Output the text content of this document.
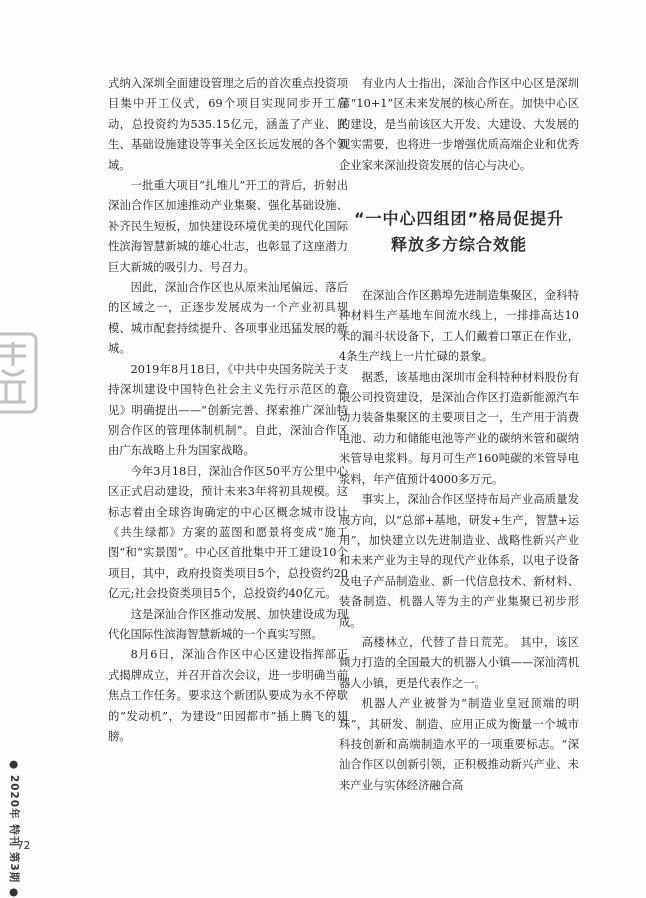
式纳入深圳全面建设管理之后的首次重点投资项目集中开工仪式，69个项目实现同步开工启动，总投资约为535.15亿元，涵盖了产业、民生、基础设施建设等事关全区长远发展的各个领域。

一批重大项目“扎堆儿”开工的背后，折射出深汕合作区加速推动产业集聚、强化基础设施、补齐民生短板，加快建设环境优美的现代化国际性滨海智慧新城的雄心壮志，也彰显了这座潜力巨大新城的吸引力、号召力。

因此，深汕合作区也从原来汕尾偏远、落后的区域之一，正逐步发展成为一个产业初具规模、城市配套持续提升、各项事业迅猛发展的新城。

2019年8月18日，《中共中央国务院关于支持深圳建设中国特色社会主义先行示范区的意见》明确提出——“创新完善、探索推广深汕特别合作区的管理体制机制”。自此，深汕合作区由广东战略上升为国家战略。

今年3月18日，深汕合作区50平方公里中心区正式启动建设，预计未来3年将初具规模。这标志着由全球咨询确定的中心区概念城市设计《共生绿都》方案的蓝图和愿景将变成“施工图”和“实景图”。中心区首批集中开工建设10个项目，其中，政府投资类项目5个，总投资约20亿元;社会投资类项目5个，总投资约40亿元。

这是深汕合作区推动发展、加快建设成为现代化国际性滨海智慧新城的一个真实写照。

8月6日，深汕合作区中心区建设指挥部正式揭牌成立，并召开首次会议，进一步明确当前焦点工作任务。要求这个新团队要成为永不停歇的“发动机”，为建设“田园都市”插上腾飞的翅膀。

有业内人士指出，深汕合作区中心区是深圳第“10+1”区未来发展的核心所在。加快中心区的建设，是当前该区大开发、大建设、大发展的现实需要，也将进一步增强优质高端企业和优秀企业家来深汕投资发展的信心与决心。

“一中心四组团”格局促提升
释放多方综合效能

在深汕合作区鹅埠先进制造集聚区，金科特种材料生产基地车间流水线上，一排排高达10米的漏斗状设备下，工人们戴着口罩正在作业，4条生产线上一片忙碌的景象。

据悉，该基地由深圳市金科特种材料股份有限公司投资建设，是深汕合作区打造新能源汽车动力装备集聚区的主要项目之一，生产用于消费电池、动力和储能电池等产业的碳纳米管和碳纳米管导电浆料。每月可生产160吨碳的米管导电浆料，年产值预计4000多万元。

事实上，深汕合作区坚持布局产业高质量发展方向，以“总部+基地，研发+生产，智慧+运用”，加快建立以先进制造业、战略性新兴产业和未来产业为主导的现代产业体系，以电子设备及电子产品制造业、新一代信息技术、新材料、装备制造、机器人等为主的产业集聚已初步形成。

高楼林立，代替了昔日荒芜。 其中，该区倾力打造的全国最大的机器人小镇——深汕湾机器人小镇，更是代表作之一。

机器人产业被誉为“制造业皇冠顶端的明珠”，其研发、制造、应用正成为衡量一个城市科技创新和高端制造水平的一项重要标志。“深汕合作区以创新引领，正积极推动新兴产业、未来产业与实体经济融合高

● 2020年 特刊 第3期 ●
72
